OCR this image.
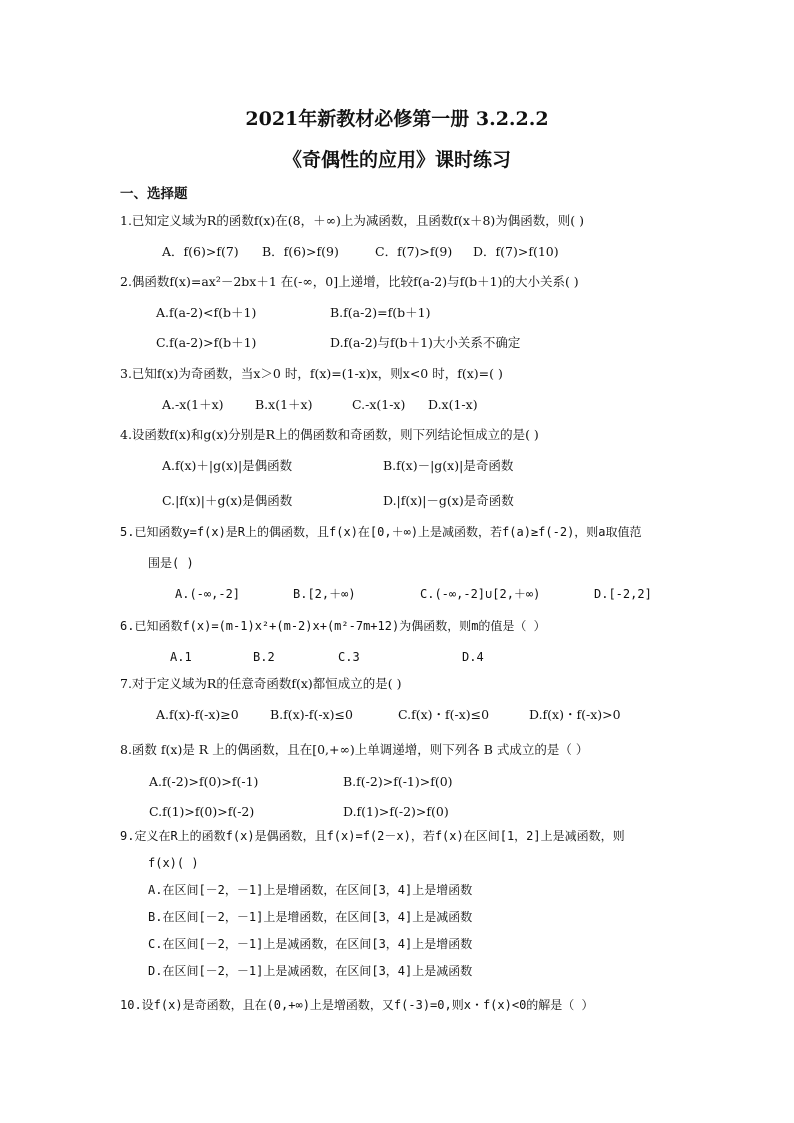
2021年新教材必修第一册 3.2.2.2
《奇偶性的应用》课时练习
一、选择题
1.已知定义域为R的函数f(x)在(8，＋∞)上为减函数，且函数f(x＋8)为偶函数，则( )
A．f(6)>f(7) B．f(6)>f(9)	C．f(7)>f(9) D．f(7)>f(10)
2.偶函数f(x)=ax²－2bx＋1 在(-∞，0]上递增，比较f(a-2)与f(b＋1)的大小关系( )
A.f(a-2)<f(b＋1)	B.f(a-2)=f(b＋1)
C.f(a-2)>f(b＋1)	D.f(a-2)与f(b＋1)大小关系不确定
3.已知f(x)为奇函数，当x＞0 时，f(x)=(1-x)x，则x<0 时，f(x)=( )
A.-x(1＋x)	B.x(1＋x)	C.-x(1-x) D.x(1-x)
4.设函数f(x)和g(x)分别是R上的偶函数和奇函数，则下列结论恒成立的是( )
A.f(x)＋|g(x)|是偶函数	B.f(x)－|g(x)|是奇函数
C.|f(x)|＋g(x)是偶函数	D.|f(x)|－g(x)是奇函数
5.已知函数y=f(x)是R上的偶函数，且f(x)在[0,＋∞)上是减函数，若f(a)≥f(-2)，则a取值范
围是( )
A.(-∞,-2]	B.[2,＋∞)	C.(-∞,-2]∪[2,＋∞)	D.[-2,2]
6.已知函数f(x)=(m-1)x²+(m-2)x+(m²-7m+12)为偶函数，则m的值是（ ）
A.1	B.2	C.3	D.4
7.对于定义域为R的任意奇函数f(x)都恒成立的是( )
A.f(x)-f(-x)≥0	B.f(x)-f(-x)≤0	C.f(x)・f(-x)≤0	D.f(x)・f(-x)>0
8.函数 f(x)是 R 上的偶函数，且在[0,+∞)上单调递增，则下列各 B 式成立的是（ ）
A.f(-2)>f(0)>f(-1)	B.f(-2)>f(-1)>f(0)
C.f(1)>f(0)>f(-2)	D.f(1)>f(-2)>f(0)
9.定义在R上的函数f(x)是偶函数，且f(x)=f(2－x)，若f(x)在区间[1，2]上是减函数，则
f(x)( )
A.在区间[－2，－1]上是增函数，在区间[3，4]上是增函数
B.在区间[－2，－1]上是增函数，在区间[3，4]上是减函数
C.在区间[－2，－1]上是减函数，在区间[3，4]上是增函数
D.在区间[－2，－1]上是减函数，在区间[3，4]上是减函数
10.设f(x)是奇函数，且在(0,+∞)上是增函数，又f(-3)=0,则x・f(x)<0的解是（ ）
